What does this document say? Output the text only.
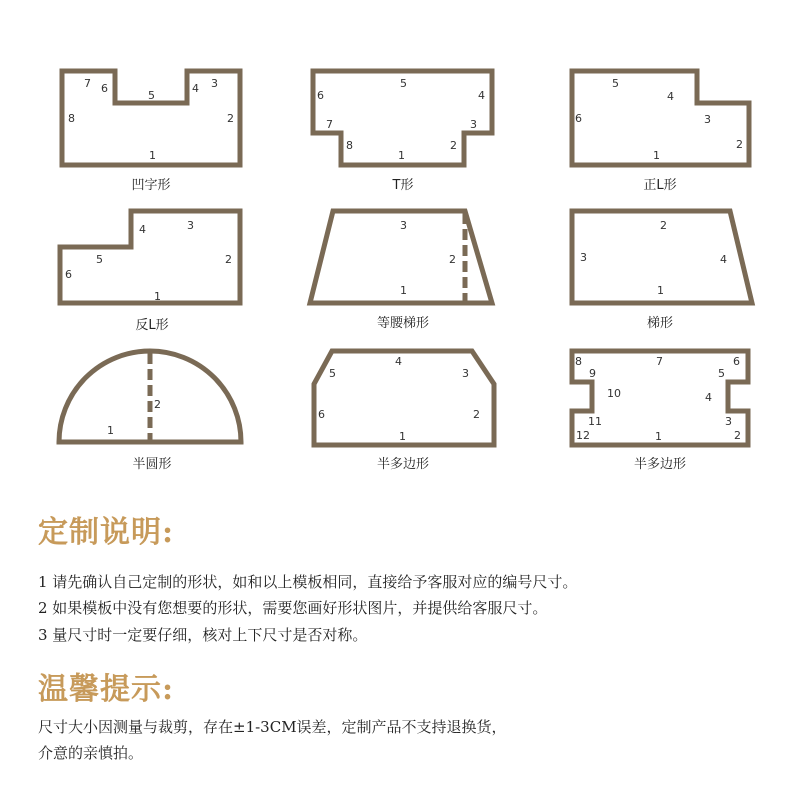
1
2
3
4
5
6
7
8
1
2
3
4
5
6
7
8
1
2
3
4
5
6
1
2
3
4
5
6
1
2
3
1
2
3	4
1
2
1
2
3
4
5
6
1	2
3
4
5
6
7
8
9
10
11
12
凹字形	T形	正L形
反L形	等腰梯形	梯形
半圆形	半多边形	半多边形
定制说明:
1 请先确认自己定制的形状，如和以上模板相同，直接给予客服对应的编号尺寸。
2 如果模板中没有您想要的形状，需要您画好形状图片，并提供给客服尺寸。
3 量尺寸时一定要仔细，核对上下尺寸是否对称。
温馨提示:
尺寸大小因测量与裁剪，存在±1-3CM误差，定制产品不支持退换货，
介意的亲慎拍。
